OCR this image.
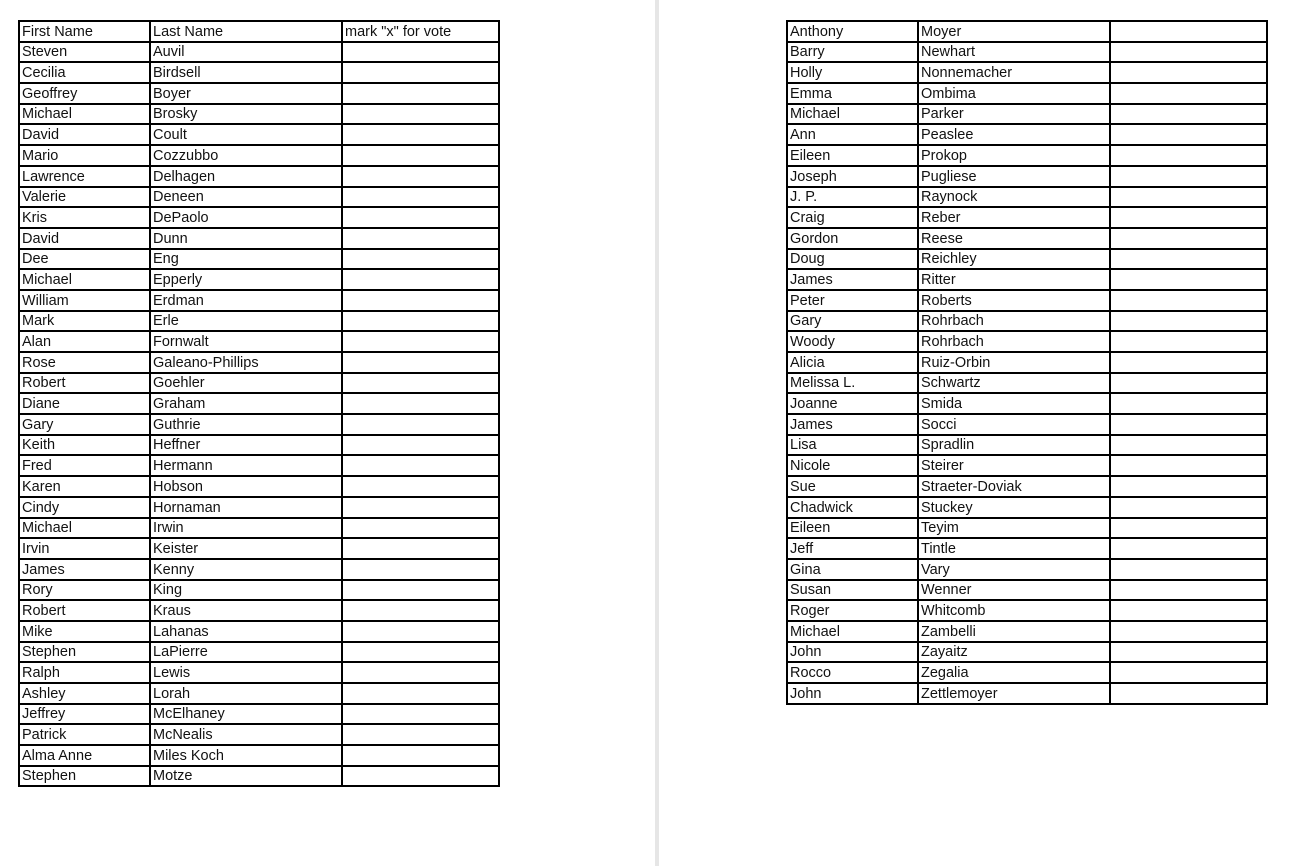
First Name	Last Name	mark "x" for vote
Steven	Auvil	
Cecilia	Birdsell	
Geoffrey	Boyer	
Michael	Brosky	
David	Coult	
Mario	Cozzubbo	
Lawrence	Delhagen	
Valerie	Deneen	
Kris	DePaolo	
David	Dunn	
Dee	Eng	
Michael	Epperly	
William	Erdman	
Mark	Erle	
Alan	Fornwalt	
Rose	Galeano-Phillips	
Robert	Goehler	
Diane	Graham	
Gary	Guthrie	
Keith	Heffner	
Fred	Hermann	
Karen	Hobson	
Cindy	Hornaman	
Michael	Irwin	
Irvin	Keister	
James	Kenny	
Rory	King	
Robert	Kraus	
Mike	Lahanas	
Stephen	LaPierre	
Ralph	Lewis	
Ashley	Lorah	
Jeffrey	McElhaney	
Patrick	McNealis	
Alma Anne	Miles Koch	
Stephen	Motze	
Anthony	Moyer	
Barry	Newhart	
Holly	Nonnemacher	
Emma	Ombima	
Michael	Parker	
Ann	Peaslee	
Eileen	Prokop	
Joseph	Pugliese	
J. P.	Raynock	
Craig	Reber	
Gordon	Reese	
Doug	Reichley	
James	Ritter	
Peter	Roberts	
Gary	Rohrbach	
Woody	Rohrbach	
Alicia	Ruiz-Orbin	
Melissa L.	Schwartz	
Joanne	Smida	
James	Socci	
Lisa	Spradlin	
Nicole	Steirer	
Sue	Straeter-Doviak	
Chadwick	Stuckey	
Eileen	Teyim	
Jeff	Tintle	
Gina	Vary	
Susan	Wenner	
Roger	Whitcomb	
Michael	Zambelli	
John	Zayaitz	
Rocco	Zegalia	
John	Zettlemoyer	
